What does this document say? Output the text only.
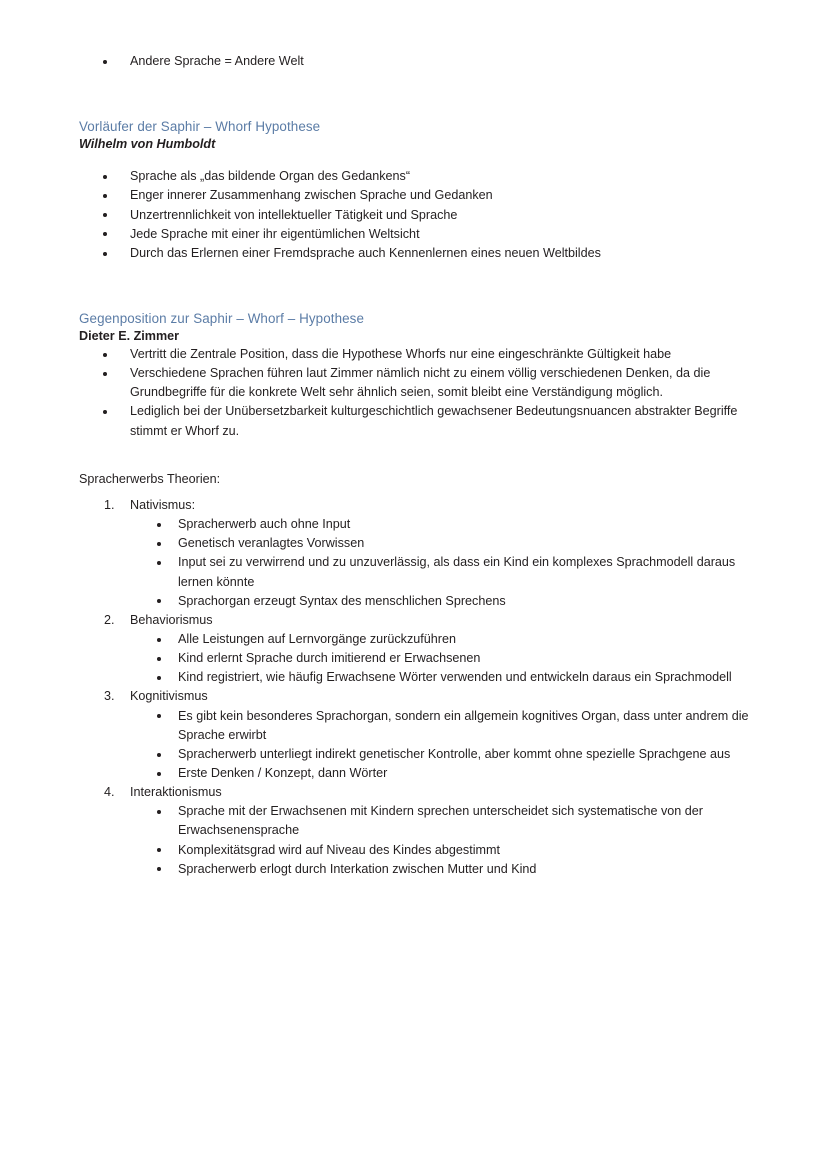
Andere Sprache = Andere Welt
Vorläufer der Saphir – Whorf Hypothese
Wilhelm von Humboldt
Sprache als „das bildende Organ des Gedankens“
Enger innerer Zusammenhang zwischen Sprache und Gedanken
Unzertrennlichkeit von intellektueller Tätigkeit und Sprache
Jede Sprache mit einer ihr eigentümlichen Weltsicht
Durch das Erlernen einer Fremdsprache auch Kennenlernen eines neuen Weltbildes
Gegenposition zur Saphir – Whorf – Hypothese
Dieter E. Zimmer
Vertritt die Zentrale Position, dass die Hypothese Whorfs nur eine eingeschränkte Gültigkeit habe
Verschiedene Sprachen führen laut Zimmer nämlich nicht zu einem völlig verschiedenen Denken, da die Grundbegriffe für die konkrete Welt sehr ähnlich seien, somit bleibt eine Verständigung möglich.
Lediglich bei der Unübersetzbarkeit kulturgeschichtlich gewachsener Bedeutungsnuancen abstrakter Begriffe stimmt er Whorf zu.
Spracherwerbs Theorien:
1.	Nativismus:
Spracherwerb auch ohne Input
Genetisch veranlagtes Vorwissen
Input sei zu verwirrend und zu unzuverlässig, als dass ein Kind ein komplexes Sprachmodell daraus lernen könnte
Sprachorgan erzeugt Syntax des menschlichen Sprechens
2.	Behaviorismus
Alle Leistungen auf Lernvorgänge zurückzuführen
Kind erlernt Sprache durch imitierend er Erwachsenen
Kind registriert, wie häufig Erwachsene Wörter verwenden und entwickeln daraus ein Sprachmodell
3.	Kognitivismus
Es gibt kein besonderes Sprachorgan, sondern ein allgemein kognitives Organ, dass unter andrem die Sprache erwirbt
Spracherwerb unterliegt indirekt genetischer Kontrolle, aber kommt ohne spezielle Sprachgene aus
Erste Denken / Konzept, dann Wörter
4.	Interaktionismus
Sprache mit der Erwachsenen mit Kindern sprechen unterscheidet sich systematische von der Erwachsenensprache
Komplexitätsgrad wird auf Niveau des Kindes abgestimmt
Spracherwerb erlogt durch Interkation zwischen Mutter und Kind
